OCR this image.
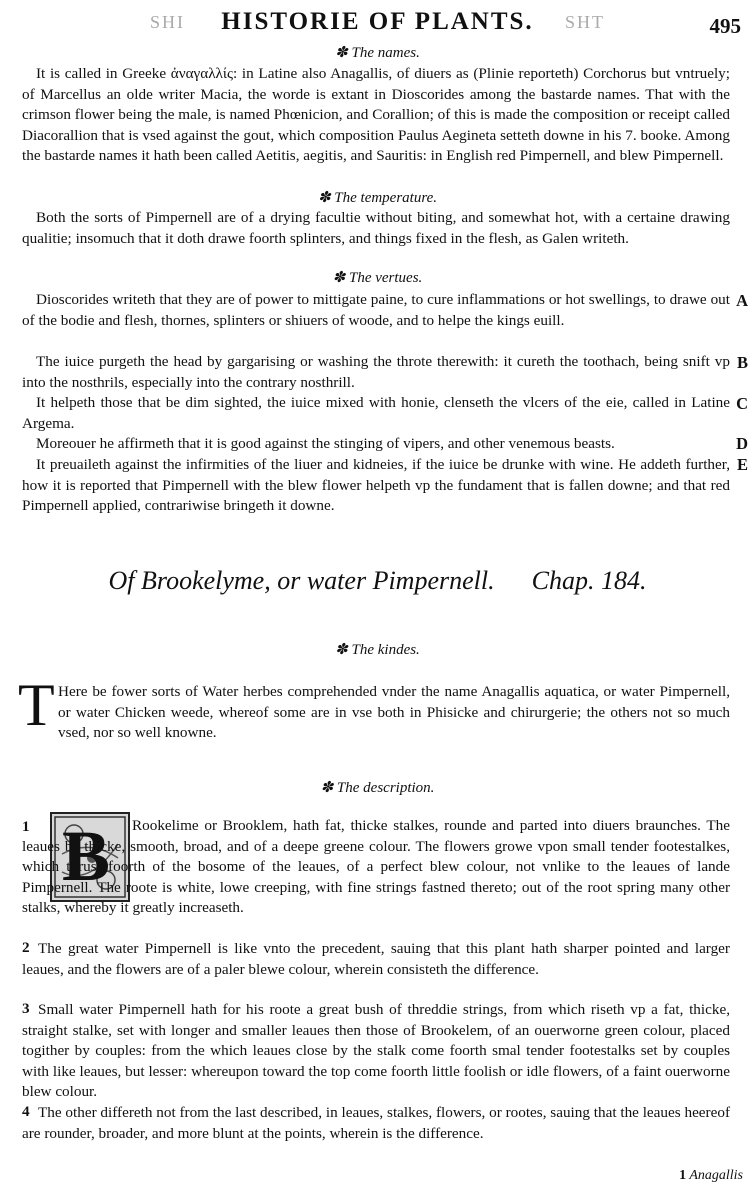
SHI	SHT
HISTORIE OF PLANTS.	495
✽ The names.

It is called in Greeke ἀναγαλλίς: in Latine also Anagallis, of diuers as (Plinie reporteth) Corchorus but vntruely; of Marcellus an olde writer Macia, the worde is extant in Dioscorides among the bastarde names. That with the crimson flower being the male, is named Phœnicion, and Corallion; of this is made the composition or receipt called Diacorallion that is vsed against the gout, which composition Paulus Aegineta setteth downe in his 7. booke. Among the bastarde names it hath been called Aetitis, aegitis, and Sauritis: in English red Pimpernell, and blew Pimpernell.

✽ The temperature.

Both the sorts of Pimpernell are of a drying facultie without biting, and somewhat hot, with a certaine drawing qualitie; insomuch that it doth drawe foorth splinters, and things fixed in the flesh, as Galen writeth.

✽ The vertues.

Dioscorides writeth that they are of power to mittigate paine, to cure inflammations or hot swellings, to drawe out of the bodie and flesh, thornes, splinters or shiuers of woode, and to helpe the kings euill.

A

The iuice purgeth the head by gargarising or washing the throte therewith: it cureth the toothach, being snift vp into the nosthrils, especially into the contrary nosthrill.

B

It helpeth those that be dim sighted, the iuice mixed with honie, clenseth the vlcers of the eie, called in Latine Argema.

C

Moreouer he affirmeth that it is good against the stinging of vipers, and other venemous beasts.	D

It preuaileth against the infirmities of the liuer and kidneies, if the iuice be drunke with wine. He addeth further, how it is reported that Pimpernell with the blew flower helpeth vp the fundament that is fallen downe; and that red Pimpernell applied, contrariwise bringeth it downe.

E
Of Brookelyme, or water Pimpernell. Chap. 184.
✽ The kindes.
T Here be fower sorts of Water herbes comprehended vnder the name Anagallis aquatica, or water Pimpernell, or water Chicken weede, whereof some are in vse both in Phisicke and chirurgerie; the others not so much vsed, nor so well knowne.

✽ The description.
1 B	Rookelime or Brooklem, hath fat, thicke stalkes, rounde and parted into diuers braunches. The leaues be thicke, smooth, broad, and of a deepe greene colour. The flowers growe vpon small tender footestalkes, which thrust foorth of the bosome of the leaues, of a perfect blew colour, not vnlike to the leaues of lande Pimpernell. The roote is white, lowe creeping, with fine strings fastned thereto; out of the root spring many other stalks, whereby it greatly increaseth.

2 The great water Pimpernell is like vnto the precedent, sauing that this plant hath sharper pointed and larger leaues, and the flowers are of a paler blewe colour, wherein consisteth the difference.

3 Small water Pimpernell hath for his roote a great bush of threddie strings, from which riseth vp a fat, thicke, straight stalke, set with longer and smaller leaues then those of Brookelem, of an ouerworne green colour, placed togither by couples: from the which leaues close by the stalk come foorth smal tender footestalks set by couples with like leaues, but lesser: whereupon toward the top come foorth little foolish or idle flowers, of a faint ouerworne blew colour.

4 The other differeth not from the last described, in leaues, stalkes, flowers, or rootes, sauing that the leaues heereof are rounder, broader, and more blunt at the points, wherein is the difference.

1 Anagallis
